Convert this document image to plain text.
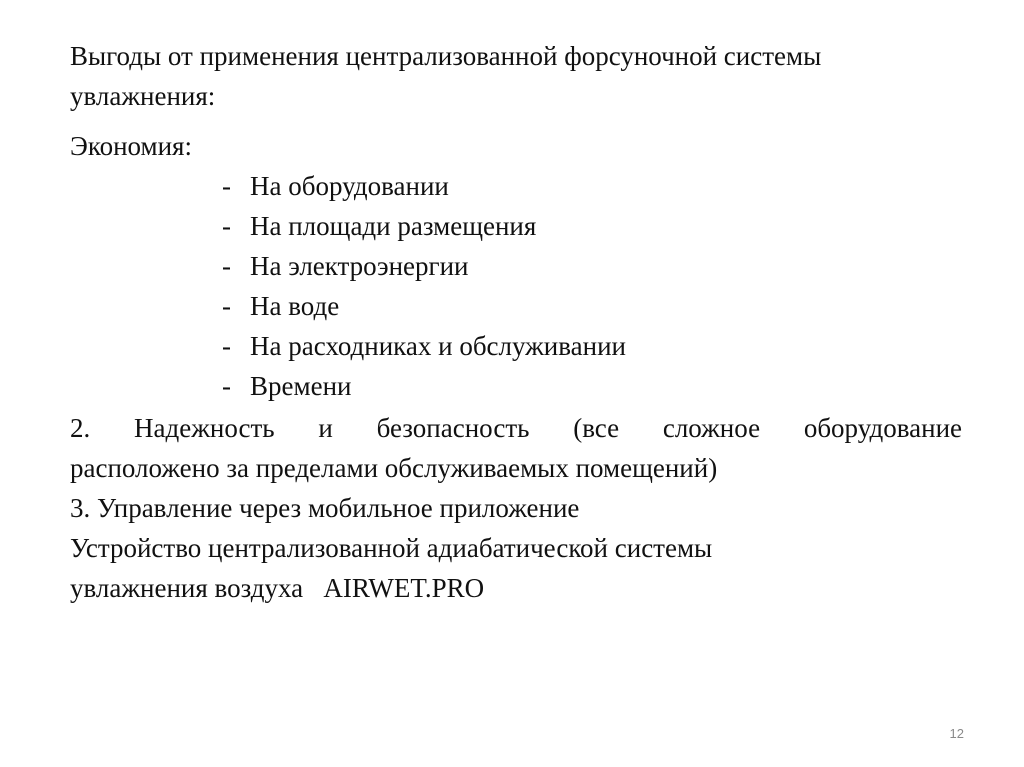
Выгоды от применения централизованной форсуночной системы
увлажнения:
Экономия:
- На оборудовании
- На площади размещения
- На электроэнергии
- На воде
- На расходниках и обслуживании
- Времени
2. Надежность и безопасность (все сложное оборудование
расположено за пределами обслуживаемых помещений)
3. Управление через мобильное приложение
Устройство централизованной адиабатической системы
увлажнения воздуха   AIRWET.PRO
12
